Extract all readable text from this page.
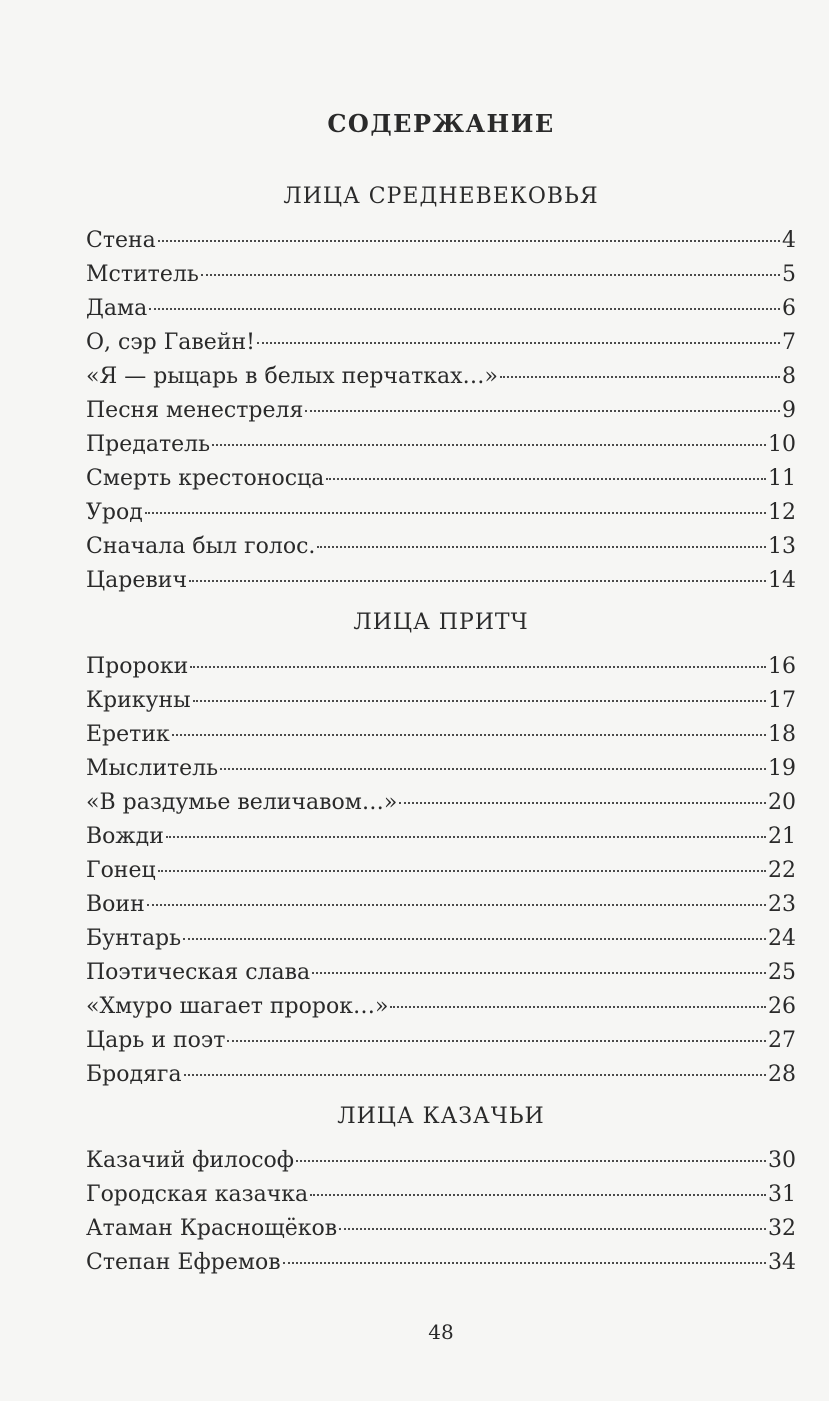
СОДЕРЖАНИЕ
ЛИЦА СРЕДНЕВЕКОВЬЯ
Стена	4
Мститель	5
Дама	6
О, сэр Гавейн!	7
«Я — рыцарь в белых перчатках…»	8
Песня менестреля	9
Предатель	10
Смерть крестоносца	11
Урод	12
Сначала был голос.	13
Царевич	14
ЛИЦА ПРИТЧ
Пророки	16
Крикуны	17
Еретик	18
Мыслитель	19
«В раздумье величавом…»	20
Вожди	21
Гонец	22
Воин	23
Бунтарь	24
Поэтическая слава	25
«Хмуро шагает пророк…»	26
Царь и поэт	27
Бродяга	28
ЛИЦА КАЗАЧЬИ
Казачий философ	30
Городская казачка	31
Атаман Краснощёков	32
Степан Ефремов	34
48
